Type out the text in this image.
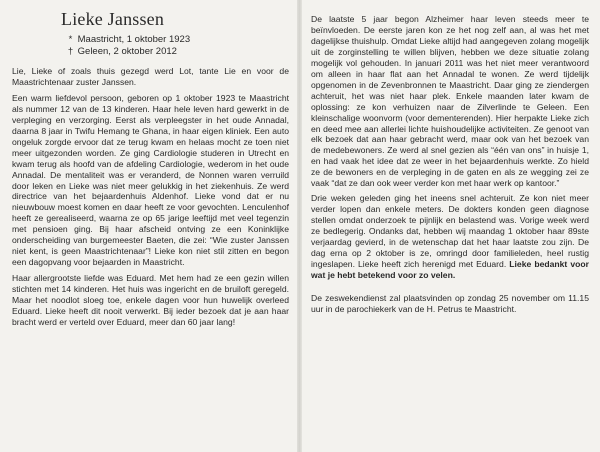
Lieke Janssen
* Maastricht, 1 oktober 1923
† Geleen, 2 oktober 2012

Lie, Lieke of zoals thuis gezegd werd Lot, tante Lie en voor de Maastrichtenaar zuster Janssen.

Een warm liefdevol persoon, geboren op 1 oktober 1923 te Maastricht als nummer 12 van de 13 kinderen. Haar hele leven hard gewerkt in de verpleging en verzorging. Eerst als verpleegster in het oude Annadal, daarna 8 jaar in Twifu Hemang te Ghana, in haar eigen kliniek. Een auto ongeluk zorgde ervoor dat ze terug kwam en helaas mocht ze toen niet meer uitgezonden worden. Ze ging Cardiologie studeren in Utrecht en kwam terug als hoofd van de afdeling Cardiologie, wederom in het oude Annadal. De mentaliteit was er veranderd, de Nonnen waren verruild door leken en Lieke was niet meer gelukkig in het ziekenhuis. Ze werd directrice van het bejaardenhuis Aldenhof. Lieke vond dat er nu nieuwbouw moest komen en daar heeft ze voor gevochten. Lenculenhof heeft ze gerealiseerd, waarna ze op 65 jarige leeftijd met veel tegenzin met pensioen ging. Bij haar afscheid ontving ze een Koninklijke onderscheiding van burgemeester Baeten, die zei: “Wie zuster Janssen niet kent, is geen Maastrichtenaar”! Lieke kon niet stil zitten en begon een dagopvang voor bejaarden in Maastricht.

Haar allergrootste liefde was Eduard. Met hem had ze een gezin willen stichten met 14 kinderen. Het huis was ingericht en de bruiloft geregeld. Maar het noodlot sloeg toe, enkele dagen voor hun huwelijk overleed Eduard. Lieke heeft dit nooit verwerkt. Bij ieder bezoek dat je aan haar bracht werd er verteld over Eduard, meer dan 60 jaar lang!

De laatste 5 jaar begon Alzheimer haar leven steeds meer te beïnvloeden. De eerste jaren kon ze het nog zelf aan, al was het met dagelijkse thuishulp. Omdat Lieke altijd had aangegeven zolang mogelijk uit de zorginstelling te willen blijven, hebben we deze situatie zolang mogelijk vol gehouden. In januari 2011 was het niet meer verantwoord om alleen in haar flat aan het Annadal te wonen. Ze werd tijdelijk opgenomen in de Zevenbronnen te Maastricht. Daar ging ze ziendergen achteruit, het was niet haar plek. Enkele maanden later kwam de oplossing: ze kon verhuizen naar de Zilverlinde te Geleen. Een kleinschalige woonvorm (voor dementerenden). Hier herpakte Lieke zich en deed mee aan allerlei lichte huishoudelijke activiteiten. Ze genoot van elk bezoek dat aan haar gebracht werd, maar ook van het bezoek van de medebewoners. Ze werd al snel gezien als “één van ons” in huisje 1, en had vaak het idee dat ze weer in het bejaardenhuis werkte. Zo hield ze de bewoners en de verpleging in de gaten en als ze wegging zei ze vaak “dat ze dan ook weer verder kon met haar werk op kantoor.”

Drie weken geleden ging het ineens snel achteruit. Ze kon niet meer verder lopen dan enkele meters. De dokters konden geen diagnose stellen omdat onderzoek te pijnlijk en belastend was. Vorige week werd ze bedlegerig. Ondanks dat, hebben wij maandag 1 oktober haar 89ste verjaardag gevierd, in de wetenschap dat het haar laatste zou zijn. De dag erna op 2 oktober is ze, omringd door familieleden, heel rustig ingeslapen. Lieke heeft zich herenigd met Eduard. Lieke bedankt voor wat je hebt betekend voor zo velen.

De zeswekendienst zal plaatsvinden op zondag 25 november om 11.15 uur in de parochiekerk van de H. Petrus te Maastricht.
